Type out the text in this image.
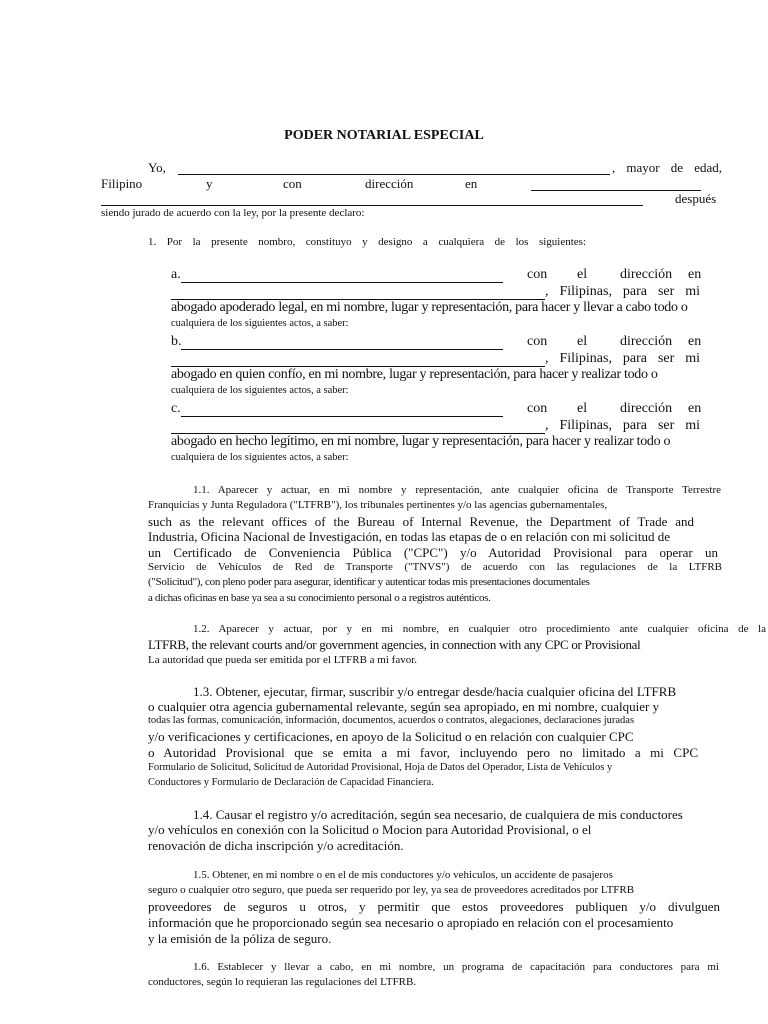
PODER NOTARIAL ESPECIAL
Yo,	, mayor de edad,
Filipino	y	con	dirección	en
después
siendo jurado de acuerdo con la ley, por la presente declaro:
1. Por la presente nombro, constituyo y designo a cualquiera de los siguientes:
a.	con el dirección en
, Filipinas, para ser mi
abogado apoderado legal, en mi nombre, lugar y representación, para hacer y llevar a cabo todo o
cualquiera de los siguientes actos, a saber:
b.	con el dirección en
, Filipinas, para ser mi
abogado en quien confío, en mi nombre, lugar y representación, para hacer y realizar todo o
cualquiera de los siguientes actos, a saber:
c.	con el dirección en
, Filipinas, para ser mi
abogado en hecho legítimo, en mi nombre, lugar y representación, para hacer y realizar todo o
cualquiera de los siguientes actos, a saber:
1.1. Aparecer y actuar, en mi nombre y representación, ante cualquier oficina de Transporte Terrestre
Franquicias y Junta Reguladora ("LTFRB"), los tribunales pertinentes y/o las agencias gubernamentales,
such as the relevant offices of the Bureau of Internal Revenue, the Department of Trade and
Industria, Oficina Nacional de Investigación, en todas las etapas de o en relación con mi solicitud de
un Certificado de Conveniencia Pública ("CPC") y/o Autoridad Provisional para operar un
Servicio de Vehículos de Red de Transporte ("TNVS") de acuerdo con las regulaciones de la LTFRB
("Solicitud"), con pleno poder para asegurar, identificar y autenticar todas mis presentaciones documentales
a dichas oficinas en base ya sea a su conocimiento personal o a registros auténticos.
1.2. Aparecer y actuar, por y en mi nombre, en cualquier otro procedimiento ante cualquier oficina de la
LTFRB, the relevant courts and/or government agencies, in connection with any CPC or Provisional
La autoridad que pueda ser emitida por el LTFRB a mi favor.
1.3. Obtener, ejecutar, firmar, suscribir y/o entregar desde/hacia cualquier oficina del LTFRB
o cualquier otra agencia gubernamental relevante, según sea apropiado, en mi nombre, cualquier y
todas las formas, comunicación, información, documentos, acuerdos o contratos, alegaciones, declaraciones juradas
y/o verificaciones y certificaciones, en apoyo de la Solicitud o en relación con cualquier CPC
o Autoridad Provisional que se emita a mi favor, incluyendo pero no limitado a mi CPC
Formulario de Solicitud, Solicitud de Autoridad Provisional, Hoja de Datos del Operador, Lista de Vehículos y
Conductores y Formulario de Declaración de Capacidad Financiera.
1.4. Causar el registro y/o acreditación, según sea necesario, de cualquiera de mis conductores
y/o vehículos en conexión con la Solicitud o Mocion para Autoridad Provisional, o el
renovación de dicha inscripción y/o acreditación.
1.5. Obtener, en mi nombre o en el de mis conductores y/o vehiculos, un accidente de pasajeros
seguro o cualquier otro seguro, que pueda ser requerido por ley, ya sea de proveedores acreditados por LTFRB
proveedores de seguros u otros, y permitir que estos proveedores publiquen y/o divulguen
información que he proporcionado según sea necesario o apropiado en relación con el procesamiento
y la emisión de la póliza de seguro.
1.6. Establecer y llevar a cabo, en mi nombre, un programa de capacitación para conductores para mi
conductores, según lo requieran las regulaciones del LTFRB.
